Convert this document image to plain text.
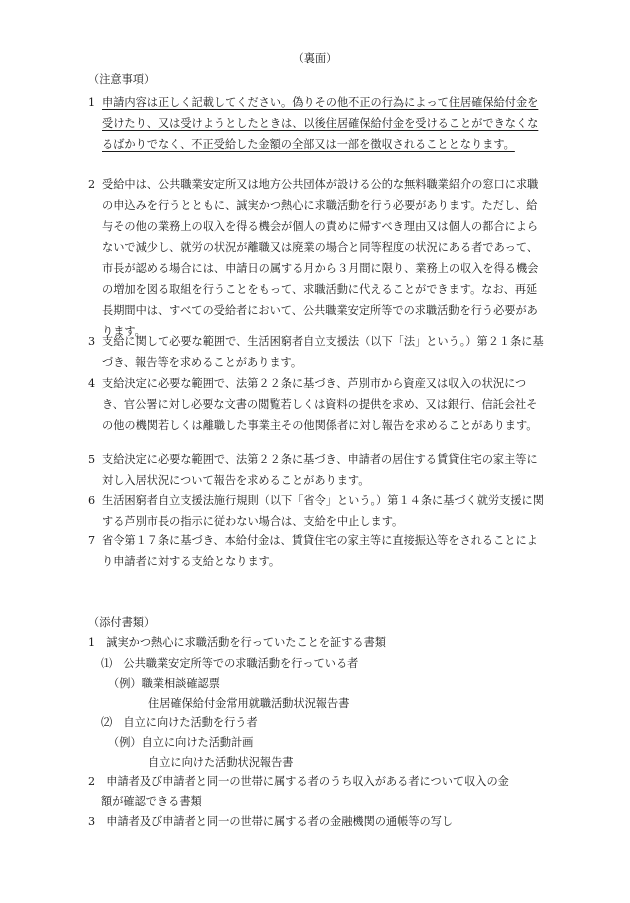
（裏面）
（注意事項）
1 申請内容は正しく記載してください。偽りその他不正の行為によって住居確保給付金を受けたり、又は受けようとしたときは、以後住居確保給付金を受けることができなくなるばかりでなく、不正受給した金額の全部又は一部を徴収されることとなります。
2 受給中は、公共職業安定所又は地方公共団体が設ける公的な無料職業紹介の窓口に求職の申込みを行うとともに、誠実かつ熱心に求職活動を行う必要があります。ただし、給与その他の業務上の収入を得る機会が個人の責めに帰すべき理由又は個人の都合によらないで減少し、就労の状況が離職又は廃業の場合と同等程度の状況にある者であって、市長が認める場合には、申請日の属する月から３月間に限り、業務上の収入を得る機会の増加を図る取組を行うことをもって、求職活動に代えることができます。なお、再延長期間中は、すべての受給者において、公共職業安定所等での求職活動を行う必要があります。
3 支給に関して必要な範囲で、生活困窮者自立支援法（以下「法」という。）第２１条に基づき、報告等を求めることがあります。
4 支給決定に必要な範囲で、法第２２条に基づき、芦別市から資産又は収入の状況につき、官公署に対し必要な文書の閲覧若しくは資料の提供を求め、又は銀行、信託会社その他の機関若しくは離職した事業主その他関係者に対し報告を求めることがあります。
5 支給決定に必要な範囲で、法第２２条に基づき、申請者の居住する賃貸住宅の家主等に対し入居状況について報告を求めることがあります。
6 生活困窮者自立支援法施行規則（以下「省令」という。）第１４条に基づく就労支援に関する芦別市長の指示に従わない場合は、支給を中止します。
7 省令第１７条に基づき、本給付金は、賃貸住宅の家主等に直接振込等をされることにより申請者に対する支給となります。
（添付書類）
1　誠実かつ熱心に求職活動を行っていたことを証する書類
⑴　公共職業安定所等での求職活動を行っている者
（例）職業相談確認票
住居確保給付金常用就職活動状況報告書
⑵　自立に向けた活動を行う者
（例）自立に向けた活動計画
自立に向けた活動状況報告書
2　申請者及び申請者と同一の世帯に属する者のうち収入がある者について収入の金
額が確認できる書類
3　申請者及び申請者と同一の世帯に属する者の金融機関の通帳等の写し
